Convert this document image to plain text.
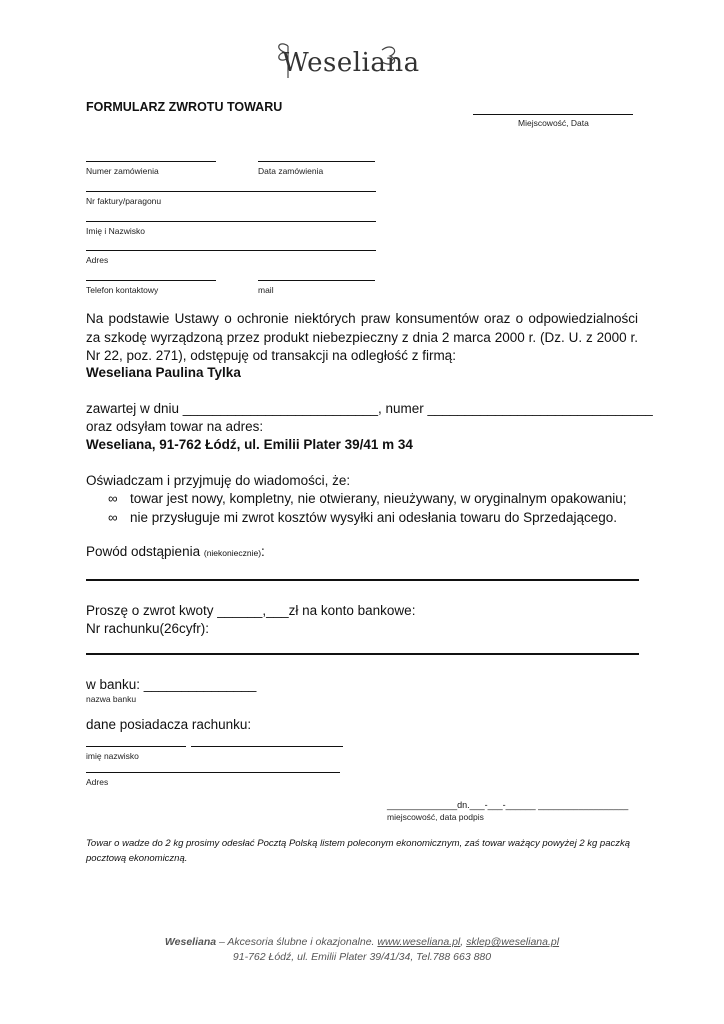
Weseliana
FORMULARZ ZWROTU TOWARU
Miejscowość, Data
Numer zamówienia	Data zamówienia
Nr faktury/paragonu
Imię i Nazwisko
Adres
Telefon kontaktowy	mail
Na podstawie Ustawy o ochronie niektórych praw konsumentów oraz o odpowiedzialności za szkodę wyrządzoną przez produkt niebezpieczny z dnia 2 marca 2000 r. (Dz. U. z 2000 r. Nr 22, poz. 271), odstępuję od transakcji na odległość z firmą:
Weseliana Paulina Tylka
zawartej w dniu __________________________, numer ______________________________
oraz odsyłam towar na adres:
Weseliana, 91-762 Łódź, ul. Emilii Plater 39/41 m 34
Oświadczam i przyjmuję do wiadomości, że:
∞ towar jest nowy, kompletny, nie otwierany, nieużywany, w oryginalnym opakowaniu;
∞ nie przysługuje mi zwrot kosztów wysyłki ani odesłania towaru do Sprzedającego.
Powód odstąpienia (niekoniecznie):
Proszę o zwrot kwoty ______,___zł na konto bankowe:
Nr rachunku(26cyfr):
w banku: _______________
nazwa banku
dane posiadacza rachunku:
imię nazwisko
Adres
______________dn.___-___-______ __________________
miejscowość, data podpis
Towar o wadze do 2 kg prosimy odesłać Pocztą Polską listem poleconym ekonomicznym, zaś towar ważący powyżej 2 kg paczką pocztową ekonomiczną.
Weseliana – Akcesoria ślubne i okazjonalne. www.weseliana.pl, sklep@weseliana.pl
91-762 Łódź, ul. Emilii Plater 39/41/34, Tel.788 663 880
